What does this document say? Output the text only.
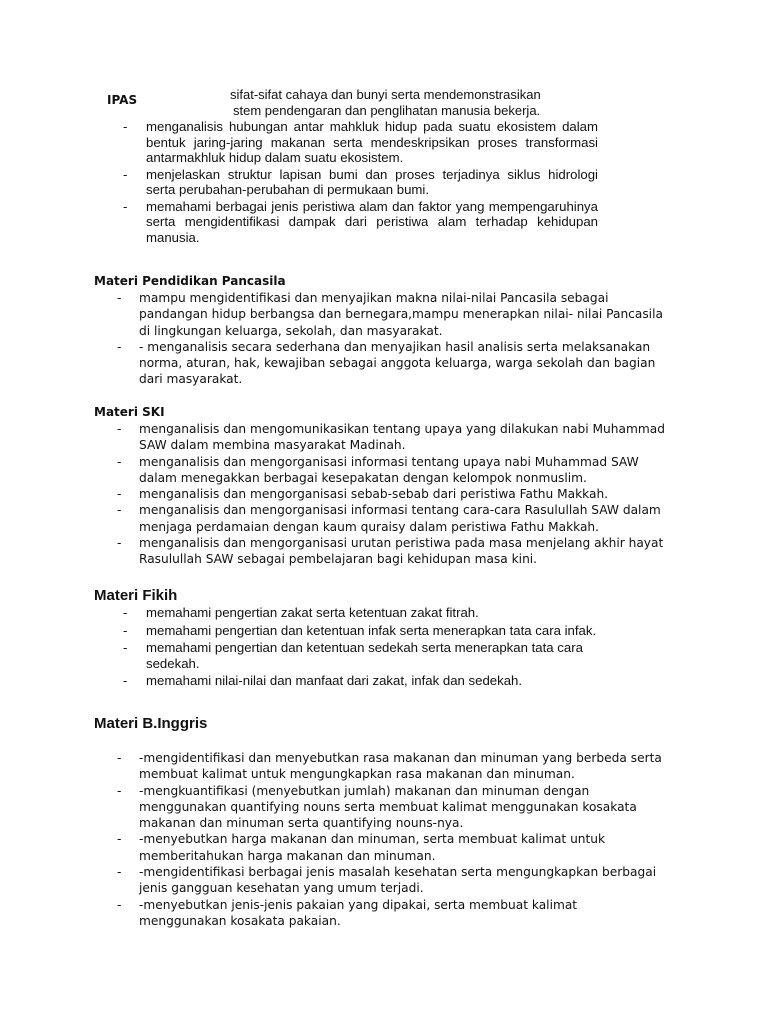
IPAS	sifat-sifat cahaya dan bunyi serta mendemonstrasikan
stem pendengaran dan penglihatan manusia bekerja.
- menganalisis hubungan antar mahkluk hidup pada suatu ekosistem dalam bentuk jaring-jaring makanan serta mendeskripsikan proses transformasi antarmakhluk hidup dalam suatu ekosistem.
- menjelaskan struktur lapisan bumi dan proses terjadinya siklus hidrologi serta perubahan-perubahan di permukaan bumi.
- memahami berbagai jenis peristiwa alam dan faktor yang mempengaruhinya serta mengidentifikasi dampak dari peristiwa alam terhadap kehidupan manusia.
Materi Pendidikan Pancasila
- mampu mengidentifikasi dan menyajikan makna nilai-nilai Pancasila sebagai pandangan hidup berbangsa dan bernegara,mampu menerapkan nilai- nilai Pancasila di lingkungan keluarga, sekolah, dan masyarakat.
- - menganalisis secara sederhana dan menyajikan hasil analisis serta melaksanakan norma, aturan, hak, kewajiban sebagai anggota keluarga, warga sekolah dan bagian dari masyarakat.
Materi SKI
- menganalisis dan mengomunikasikan tentang upaya yang dilakukan nabi Muhammad SAW dalam membina masyarakat Madinah.
- menganalisis dan mengorganisasi informasi tentang upaya nabi Muhammad SAW dalam menegakkan berbagai kesepakatan dengan kelompok nonmuslim.
- menganalisis dan mengorganisasi sebab-sebab dari peristiwa Fathu Makkah.
- menganalisis dan mengorganisasi informasi tentang cara-cara Rasulullah SAW dalam menjaga perdamaian dengan kaum quraisy dalam peristiwa Fathu Makkah.
- menganalisis dan mengorganisasi urutan peristiwa pada masa menjelang akhir hayat Rasulullah SAW sebagai pembelajaran bagi kehidupan masa kini.
Materi Fikih
- memahami pengertian zakat serta ketentuan zakat fitrah.
- memahami pengertian dan ketentuan infak serta menerapkan tata cara infak.
- memahami pengertian dan ketentuan sedekah serta menerapkan tata cara sedekah.
- memahami nilai-nilai dan manfaat dari zakat, infak dan sedekah.
Materi B.Inggris
- -mengidentifikasi dan menyebutkan rasa makanan dan minuman yang berbeda serta membuat kalimat untuk mengungkapkan rasa makanan dan minuman.
- -mengkuantifikasi (menyebutkan jumlah) makanan dan minuman dengan menggunakan quantifying nouns serta membuat kalimat menggunakan kosakata makanan dan minuman serta quantifying nouns-nya.
- -menyebutkan harga makanan dan minuman, serta membuat kalimat untuk memberitahukan harga makanan dan minuman.
- -mengidentifikasi berbagai jenis masalah kesehatan serta mengungkapkan berbagai jenis gangguan kesehatan yang umum terjadi.
- -menyebutkan jenis-jenis pakaian yang dipakai, serta membuat kalimat menggunakan kosakata pakaian.
